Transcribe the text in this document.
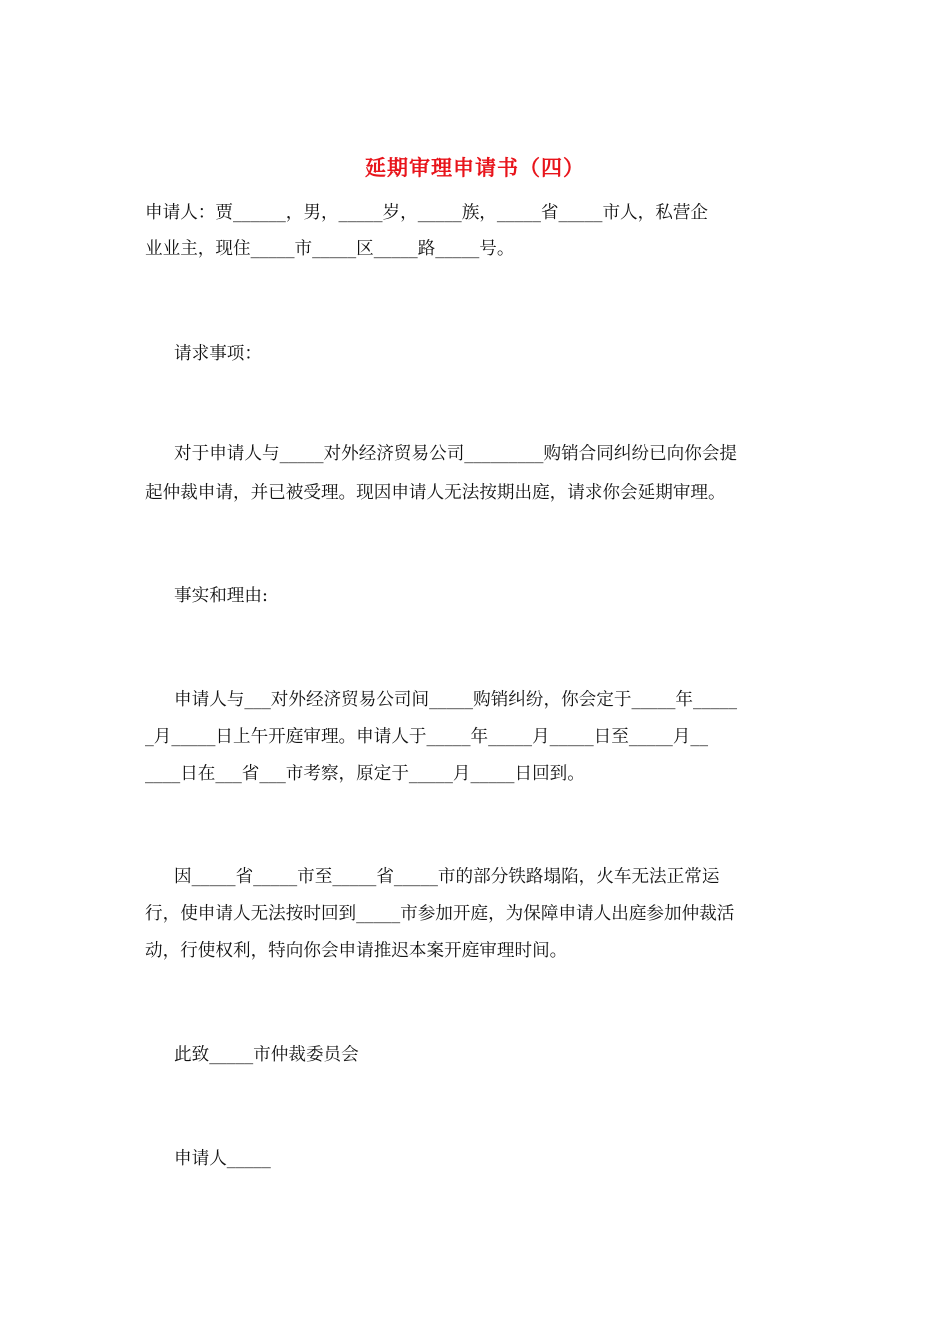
延期审理申请书（四）
申请人：贾______，男，_____岁，_____族，_____省_____市人，私营企
业业主，现住_____市_____区_____路_____号。
请求事项：
对于申请人与_____对外经济贸易公司_________购销合同纠纷已向你会提
起仲裁申请，并已被受理。现因申请人无法按期出庭，请求你会延期审理。
事实和理由:
申请人与___对外经济贸易公司间_____购销纠纷，你会定于_____年_____
_月_____日上午开庭审理。申请人于_____年_____月_____日至_____月__
____日在___省___市考察，原定于_____月_____日回到。
因_____省_____市至_____省_____市的部分铁路塌陷，火车无法正常运
行，使申请人无法按时回到_____市参加开庭，为保障申请人出庭参加仲裁活
动，行使权利，特向你会申请推迟本案开庭审理时间。
此致_____市仲裁委员会
申请人_____
